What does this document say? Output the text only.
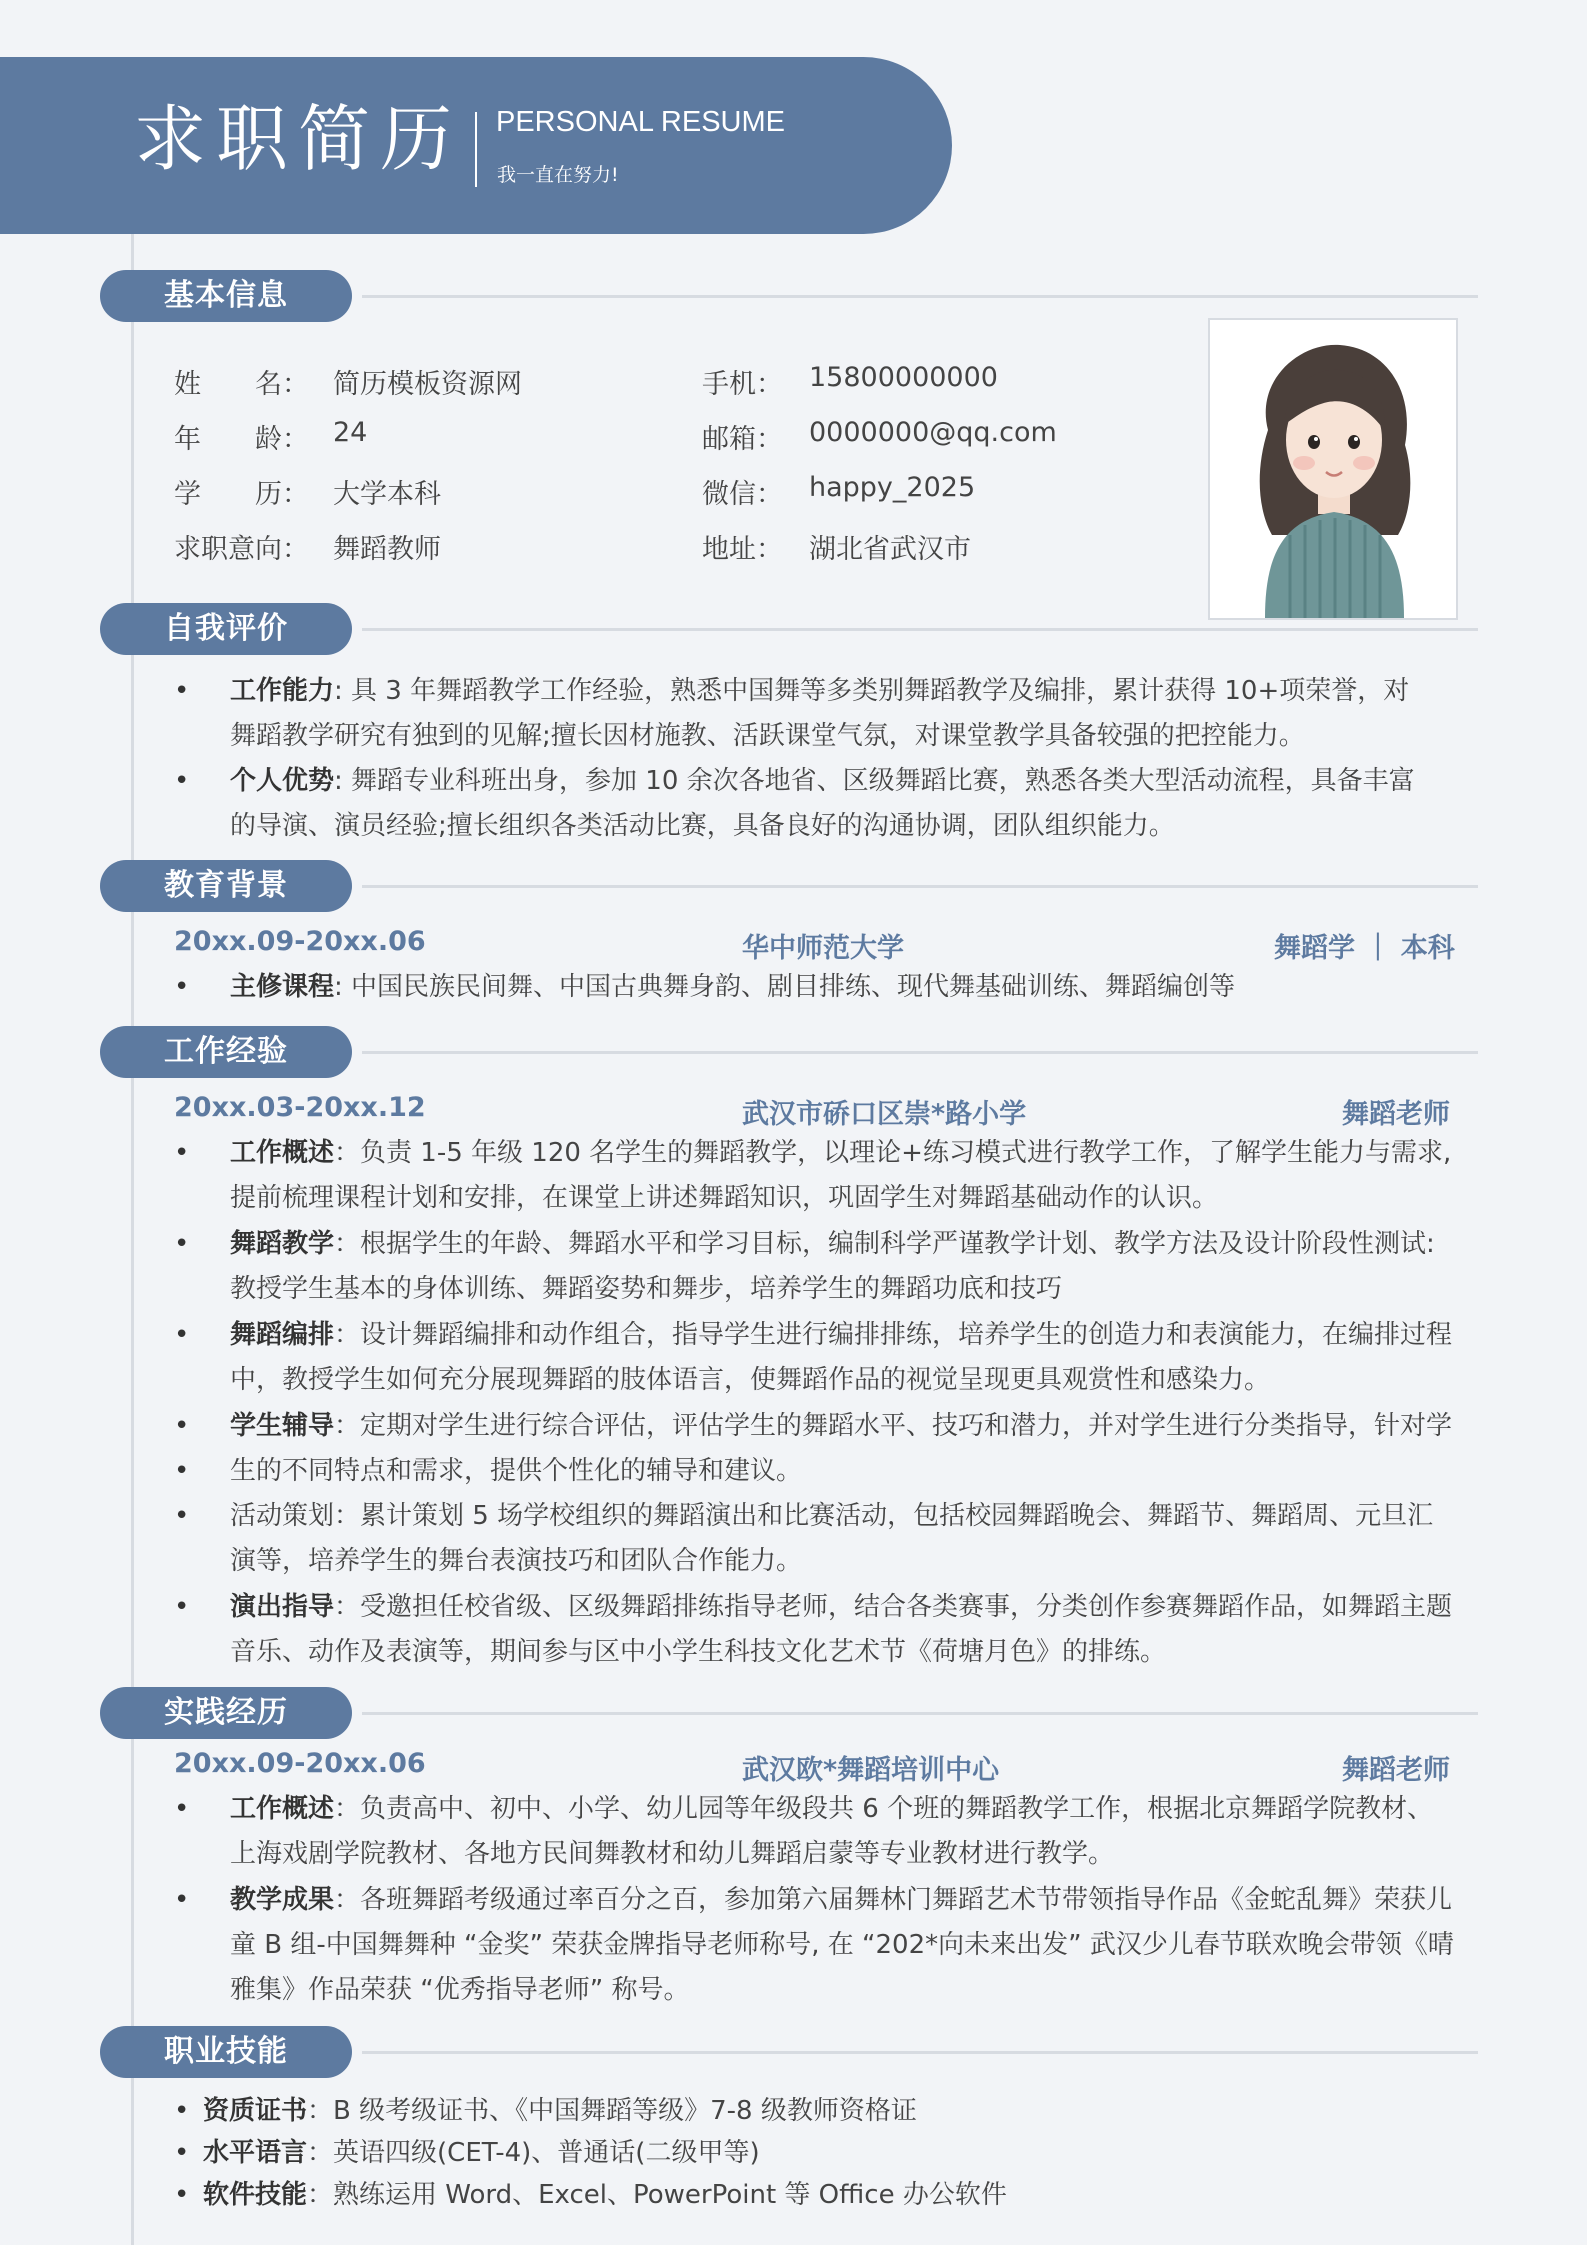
求职简历 PERSONAL RESUME
我一直在努力!
基本信息
姓　　名： 简历模板资源网
年　　龄： 24
学　　历： 大学本科
求职意向： 舞蹈教师
手机： 15800000000
邮箱： 0000000@qq.com
微信： happy_2025
地址： 湖北省武汉市
自我评价
• 工作能力: 具 3 年舞蹈教学工作经验，熟悉中国舞等多类别舞蹈教学及编排，累计获得 10+项荣誉，对
舞蹈教学研究有独到的见解;擅长因材施教、活跃课堂气氛，对课堂教学具备较强的把控能力。
• 个人优势: 舞蹈专业科班出身，参加 10 余次各地省、区级舞蹈比赛，熟悉各类大型活动流程，具备丰富
的导演、演员经验;擅长组织各类活动比赛，具备良好的沟通协调，团队组织能力。
教育背景
20xx.09-20xx.06	华中师范大学	舞蹈学 ｜ 本科
• 主修课程: 中国民族民间舞、中国古典舞身韵、剧目排练、现代舞基础训练、舞蹈编创等
工作经验
20xx.03-20xx.12	武汉市硚口区崇*路小学	舞蹈老师
• 工作概述：负责 1-5 年级 120 名学生的舞蹈教学，以理论+练习模式进行教学工作，了解学生能力与需求,
提前梳理课程计划和安排，在课堂上讲述舞蹈知识，巩固学生对舞蹈基础动作的认识。
• 舞蹈教学：根据学生的年龄、舞蹈水平和学习目标，编制科学严谨教学计划、教学方法及设计阶段性测试:
教授学生基本的身体训练、舞蹈姿势和舞步，培养学生的舞蹈功底和技巧
• 舞蹈编排：设计舞蹈编排和动作组合，指导学生进行编排排练，培养学生的创造力和表演能力，在编排过程
中，教授学生如何充分展现舞蹈的肢体语言，使舞蹈作品的视觉呈现更具观赏性和感染力。
• 学生辅导：定期对学生进行综合评估，评估学生的舞蹈水平、技巧和潜力，并对学生进行分类指导，针对学
生的不同特点和需求，提供个性化的辅导和建议。
•
• 活动策划：累计策划 5 场学校组织的舞蹈演出和比赛活动，包括校园舞蹈晚会、舞蹈节、舞蹈周、元旦汇
演等，培养学生的舞台表演技巧和团队合作能力。
• 演出指导：受邀担任校省级、区级舞蹈排练指导老师，结合各类赛事，分类创作参赛舞蹈作品，如舞蹈主题
音乐、动作及表演等，期间参与区中小学生科技文化艺术节《荷塘月色》的排练。
实践经历
20xx.09-20xx.06	武汉欧*舞蹈培训中心	舞蹈老师
• 工作概述：负责高中、初中、小学、幼儿园等年级段共 6 个班的舞蹈教学工作，根据北京舞蹈学院教材、
上海戏剧学院教材、各地方民间舞教材和幼儿舞蹈启蒙等专业教材进行教学。
• 教学成果：各班舞蹈考级通过率百分之百，参加第六届舞林门舞蹈艺术节带领指导作品《金蛇乱舞》荣获儿
童 B 组-中国舞舞种 “金奖” 荣获金牌指导老师称号, 在 “202*向未来出发” 武汉少儿春节联欢晚会带领《晴
雅集》作品荣获 “优秀指导老师” 称号。
职业技能
• 资质证书：B 级考级证书、《中国舞蹈等级》7-8 级教师资格证
• 水平语言：英语四级(CET-4)、普通话(二级甲等)
• 软件技能：熟练运用 Word、Excel、PowerPoint 等 Office 办公软件
